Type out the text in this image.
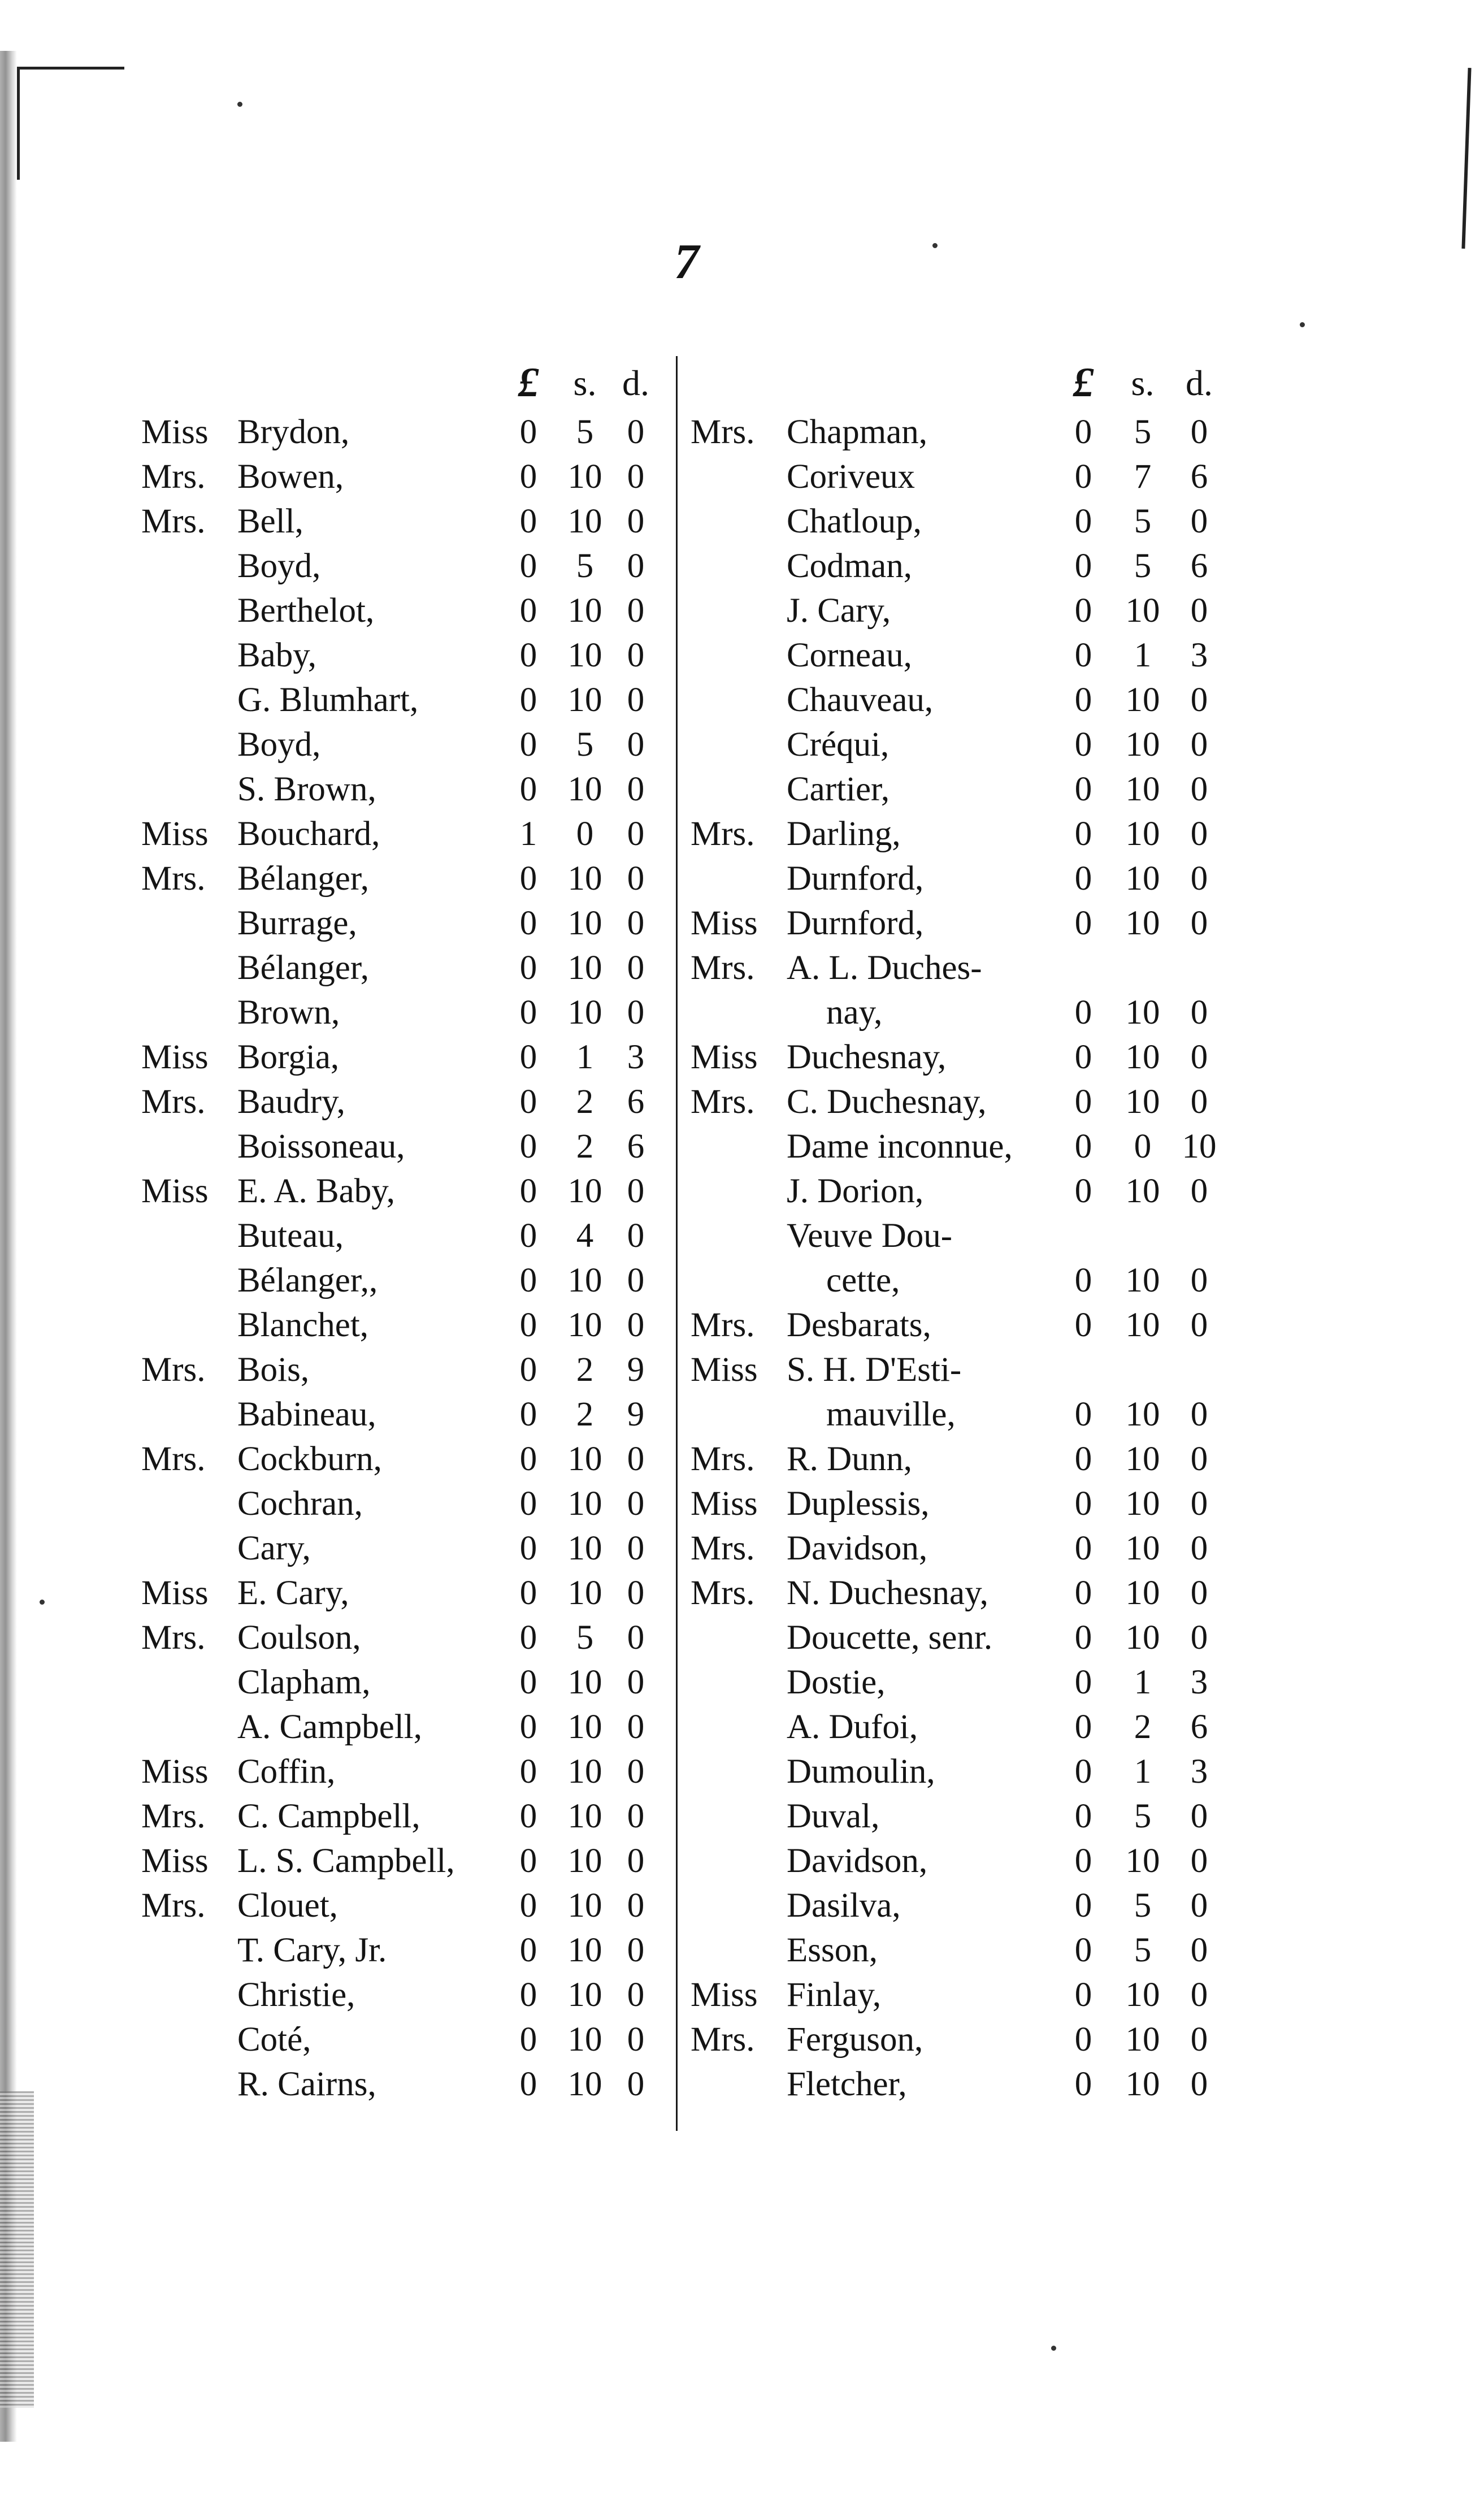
7
£ s. d.
Miss Brydon,	0	5 0
Mrs. Bowen,	0 10 0
Mrs. Bell,	0 10 0
Boyd,	0	5 0
Berthelot,	0 10 0
Baby,	0 10 0
G. Blumhart,	0 10 0
Boyd,	0	5 0
S. Brown,	0 10 0
Miss Bouchard,	1	0 0
Mrs. Bélanger,	0 10 0
Burrage,	0 10 0
Bélanger,	0 10 0
Brown,	0 10 0
Miss Borgia,	0	1 3
Mrs. Baudry,	0	2 6
Boissoneau,	0	2 6
Miss E. A. Baby,	0 10 0
Buteau,	0	4 0
Bélanger,,	0 10 0
Blanchet,	0 10 0
Mrs. Bois,	0	2 9
Babineau,	0	2 9
Mrs. Cockburn,	0 10 0
Cochran,	0 10 0
Cary,	0 10 0
Miss E. Cary,	0 10 0
Mrs. Coulson,	0	5 0
Clapham,	0 10 0
A. Campbell,	0 10 0
Miss Coffin,	0 10 0
Mrs. C. Campbell,	0 10 0
Miss L. S. Campbell,	0 10 0
Mrs. Clouet,	0 10 0
T. Cary, Jr.	0 10 0
Christie,	0 10 0
Coté,	0 10 0
R. Cairns,	0 10 0
£	s. d.
Mrs. Chapman,	0	5	0
Coriveux	0	7	6
Chatloup,	0	5	0
Codman,	0	5	6
J. Cary,	0 10 0
Corneau,	0	1	3
Chauveau,	0 10 0
Créqui,	0 10 0
Cartier,	0 10 0
Mrs. Darling,	0 10 0
Durnford,	0 10 0
Miss Durnford,	0 10 0
Mrs. A. L. Duches-
nay,	0 10 0
Miss Duchesnay,	0 10 0
Mrs. C. Duchesnay,	0 10 0
Dame inconnue,	0	0 10
J. Dorion,	0 10 0
Veuve Dou-
cette,	0 10 0
Mrs. Desbarats,	0 10 0
Miss S. H. D'Esti-
mauville,	0 10 0
Mrs. R. Dunn,	0 10 0
Miss Duplessis,	0 10 0
Mrs. Davidson,	0 10 0
Mrs. N. Duchesnay,	0 10 0
Doucette, senr.	0 10 0
Dostie,	0	1	3
A. Dufoi,	0	2	6
Dumoulin,	0	1	3
Duval,	0	5	0
Davidson,	0 10 0
Dasilva,	0	5	0
Esson,	0	5	0
Miss Finlay,	0 10 0
Mrs. Ferguson,	0 10 0
Fletcher,	0 10 0
